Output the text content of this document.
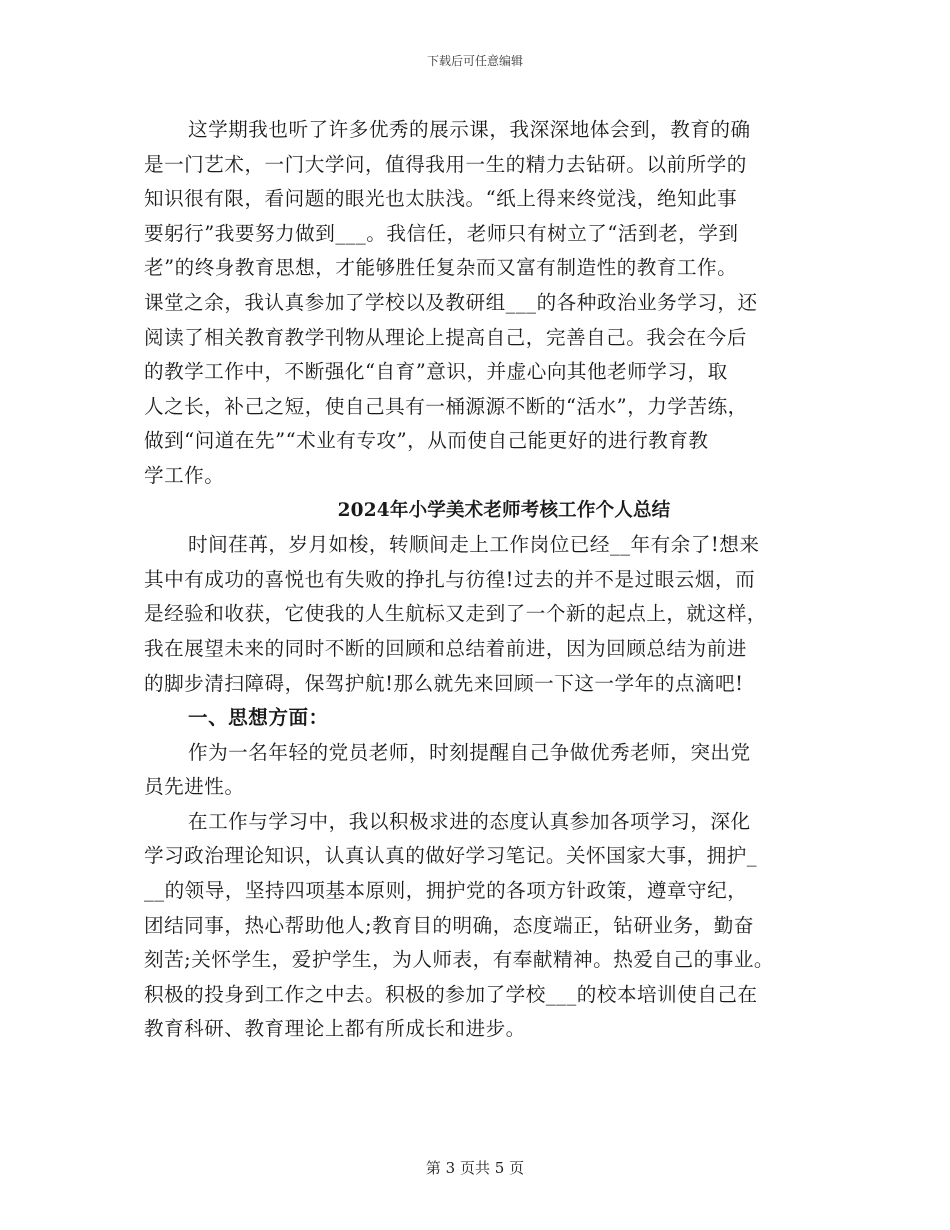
下载后可任意编辑
这学期我也听了许多优秀的展示课，我深深地体会到，教育的确
是一门艺术，一门大学问，值得我用一生的精力去钻研。以前所学的
知识很有限，看问题的眼光也太肤浅。“纸上得来终觉浅，绝知此事
要躬行”我要努力做到___。我信任，老师只有树立了“活到老，学到
老”的终身教育思想，才能够胜任复杂而又富有制造性的教育工作。
课堂之余，我认真参加了学校以及教研组___的各种政治业务学习，还
阅读了相关教育教学刊物从理论上提高自己，完善自己。我会在今后
的教学工作中，不断强化“自育”意识，并虚心向其他老师学习，取
人之长，补己之短，使自己具有一桶源源不断的“活水”，力学苦练，
做到“问道在先”“术业有专攻”，从而使自己能更好的进行教育教
学工作。
2024年小学美术老师考核工作个人总结
时间荏苒，岁月如梭，转顺间走上工作岗位已经__年有余了!想来
其中有成功的喜悦也有失败的挣扎与彷徨!过去的并不是过眼云烟，而
是经验和收获，它使我的人生航标又走到了一个新的起点上，就这样，
我在展望未来的同时不断的回顾和总结着前进，因为回顾总结为前进
的脚步清扫障碍，保驾护航!那么就先来回顾一下这一学年的点滴吧!
一、思想方面：
作为一名年轻的党员老师，时刻提醒自己争做优秀老师，突出党
员先进性。
在工作与学习中，我以积极求进的态度认真参加各项学习，深化
学习政治理论知识，认真认真的做好学习笔记。关怀国家大事，拥护_
__的领导，坚持四项基本原则，拥护党的各项方针政策，遵章守纪，
团结同事，热心帮助他人;教育目的明确，态度端正，钻研业务，勤奋
刻苦;关怀学生，爱护学生，为人师表，有奉献精神。热爱自己的事业。
积极的投身到工作之中去。积极的参加了学校___的校本培训使自己在
教育科研、教育理论上都有所成长和进步。
第 3 页共 5 页
